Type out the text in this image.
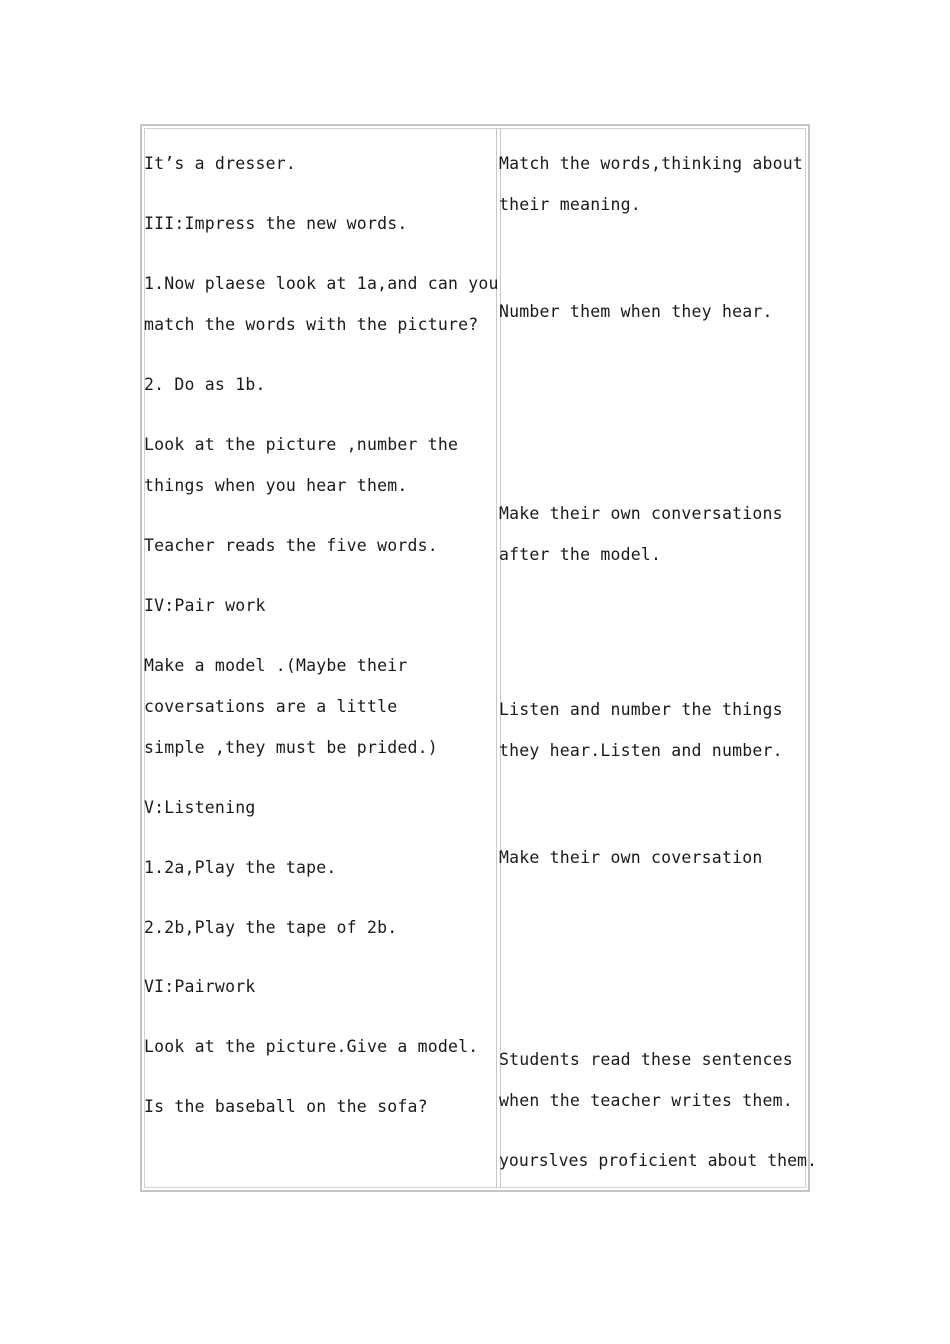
It’s a dresser.
III:Impress the new words.
1.Now plaese look at 1a,and can you
match the words with the picture?
2. Do as 1b.
Look at the picture ,number the
things when you hear them.
Teacher reads the five words.
IV:Pair work
Make a model .(Maybe their
coversations are a little
simple ,they must be prided.)
V:Listening
1.2a,Play the tape.
2.2b,Play the tape of 2b.
VI:Pairwork
Look at the picture.Give a model.
Is the baseball on the sofa?
Match the words,thinking about
their meaning.
Number them when they hear.
Make their own conversations
after the model.
Listen and number the things
they hear.Listen and number.
Make their own coversation
Students read these sentences
when the teacher writes them.
yourslves proficient about them.
